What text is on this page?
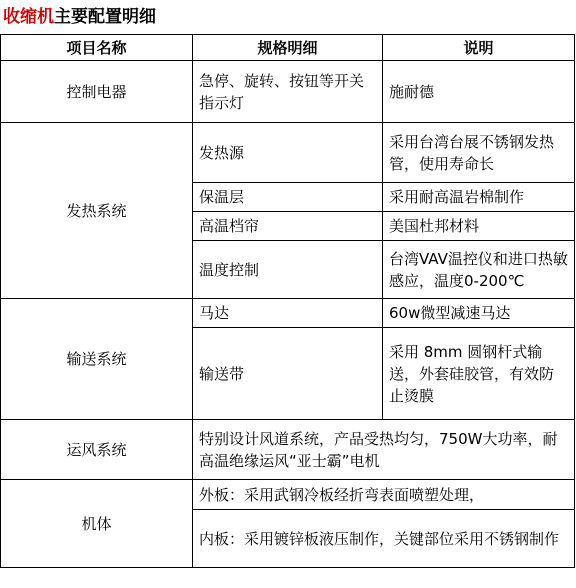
收缩机主要配置明细
项目名称	规格明细	说明
控制电器	急停、旋转、按钮等开关指示灯	施耐德
发热系统	发热源	采用台湾台展不锈钢发热管，使用寿命长
	保温层	采用耐高温岩棉制作
	高温档帘	美国杜邦材料
	温度控制	台湾VAV温控仪和进口热敏感应，温度0-200℃
输送系统	马达	60w微型减速马达
	输送带	采用 8mm 圆钢杆式输送，外套硅胶管，有效防止烫膜
运风系统	特别设计风道系统，产品受热均匀，750W大功率，耐高温绝缘运风“亚士霸”电机	
机体	外板：采用武钢冷板经折弯表面喷塑处理，	
	内板：采用镀锌板液压制作，关键部位采用不锈钢制作	
